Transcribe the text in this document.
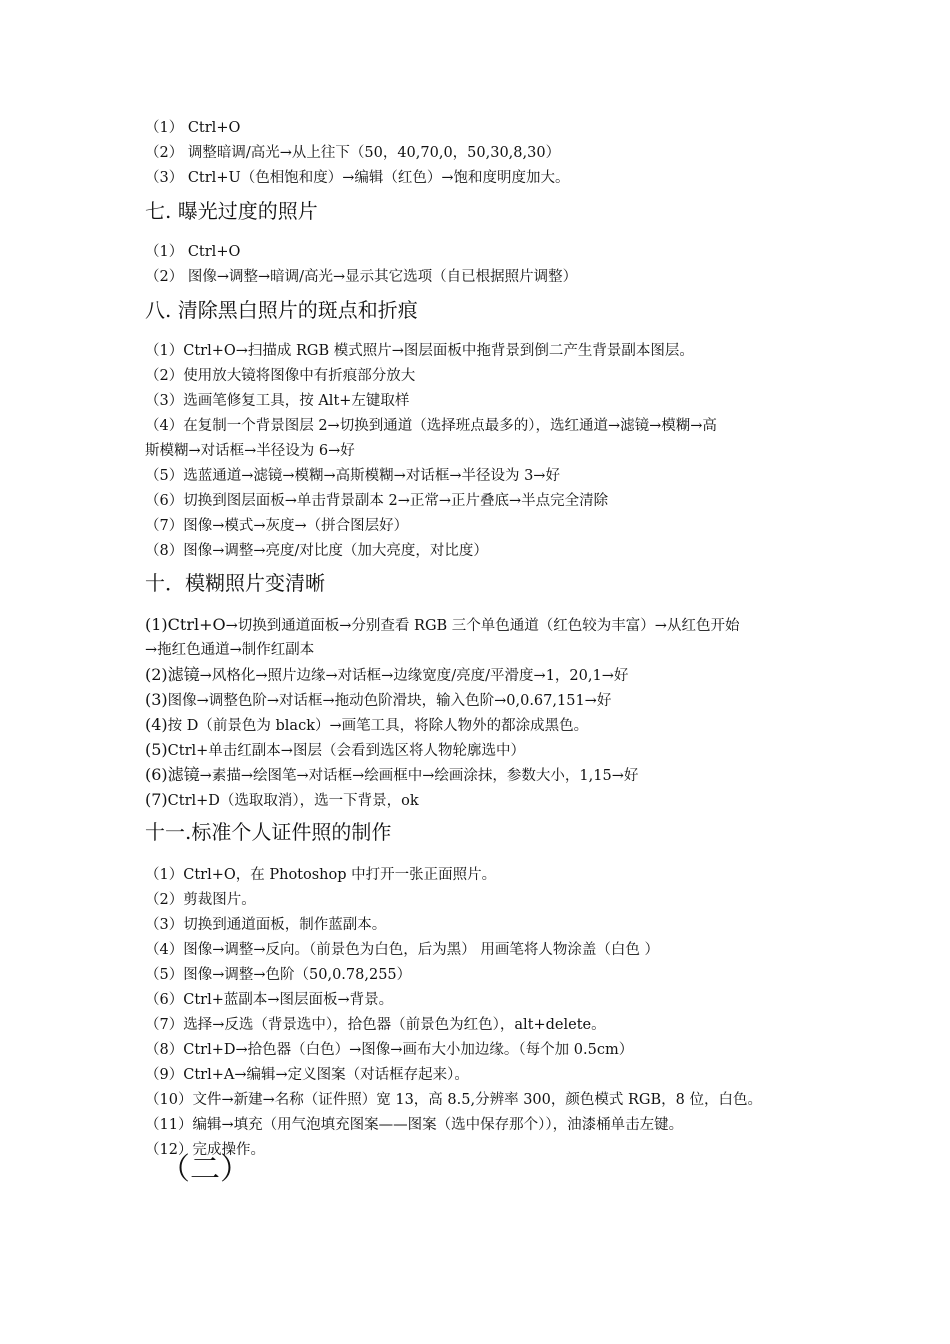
（1） Ctrl+O
（2） 调整暗调/高光→从上往下（50，40,70,0，50,30,8,30）
（3） Ctrl+U（色相饱和度）→编辑（红色）→饱和度明度加大。
七. 曝光过度的照片
（1） Ctrl+O
（2） 图像→调整→暗调/高光→显示其它选项（自已根据照片调整）
八. 清除黑白照片的斑点和折痕
（1）Ctrl+O→扫描成 RGB 模式照片→图层面板中拖背景到倒二产生背景副本图层。
（2）使用放大镜将图像中有折痕部分放大
（3）选画笔修复工具，按 Alt+左键取样
（4）在复制一个背景图层 2→切换到通道（选择班点最多的），选红通道→滤镜→模糊→高
斯模糊→对话框→半径设为 6→好
（5）选蓝通道→滤镜→模糊→高斯模糊→对话框→半径设为 3→好
（6）切换到图层面板→单击背景副本 2→正常→正片叠底→半点完全清除
（7）图像→模式→灰度→（拼合图层好）
（8）图像→调整→亮度/对比度（加大亮度，对比度）
十．模糊照片变清晰
(1)Ctrl+O→切换到通道面板→分别查看 RGB 三个单色通道（红色较为丰富）→从红色开始
→拖红色通道→制作红副本
(2)滤镜→风格化→照片边缘→对话框→边缘宽度/亮度/平滑度→1，20,1→好
(3)图像→调整色阶→对话框→拖动色阶滑块，输入色阶→0,0.67,151→好
(4)按 D（前景色为 black）→画笔工具，将除人物外的都涂成黑色。
(5)Ctrl+单击红副本→图层（会看到选区将人物轮廓选中）
(6)滤镜→素描→绘图笔→对话框→绘画框中→绘画涂抹，参数大小，1,15→好
(7)Ctrl+D（选取取消），选一下背景，ok
十一.标准个人证件照的制作
（1）Ctrl+O，在 Photoshop 中打开一张正面照片。
（2）剪裁图片。
（3）切换到通道面板，制作蓝副本。
（4）图像→调整→反向。（前景色为白色，后为黑） 用画笔将人物涂盖（白色 ）
（5）图像→调整→色阶（50,0.78,255）
（6）Ctrl+蓝副本→图层面板→背景。
（7）选择→反选（背景选中），拾色器（前景色为红色），alt+delete。
（8）Ctrl+D→拾色器（白色）→图像→画布大小加边缘。（每个加 0.5cm）
（9）Ctrl+A→编辑→定义图案（对话框存起来）。
（10）文件→新建→名称（证件照）宽 13，高 8.5,分辨率 300，颜色模式 RGB，8 位，白色。
（11）编辑→填充（用气泡填充图案——图案（选中保存那个）），油漆桶单击左键。
（12）完成操作。
（二）
